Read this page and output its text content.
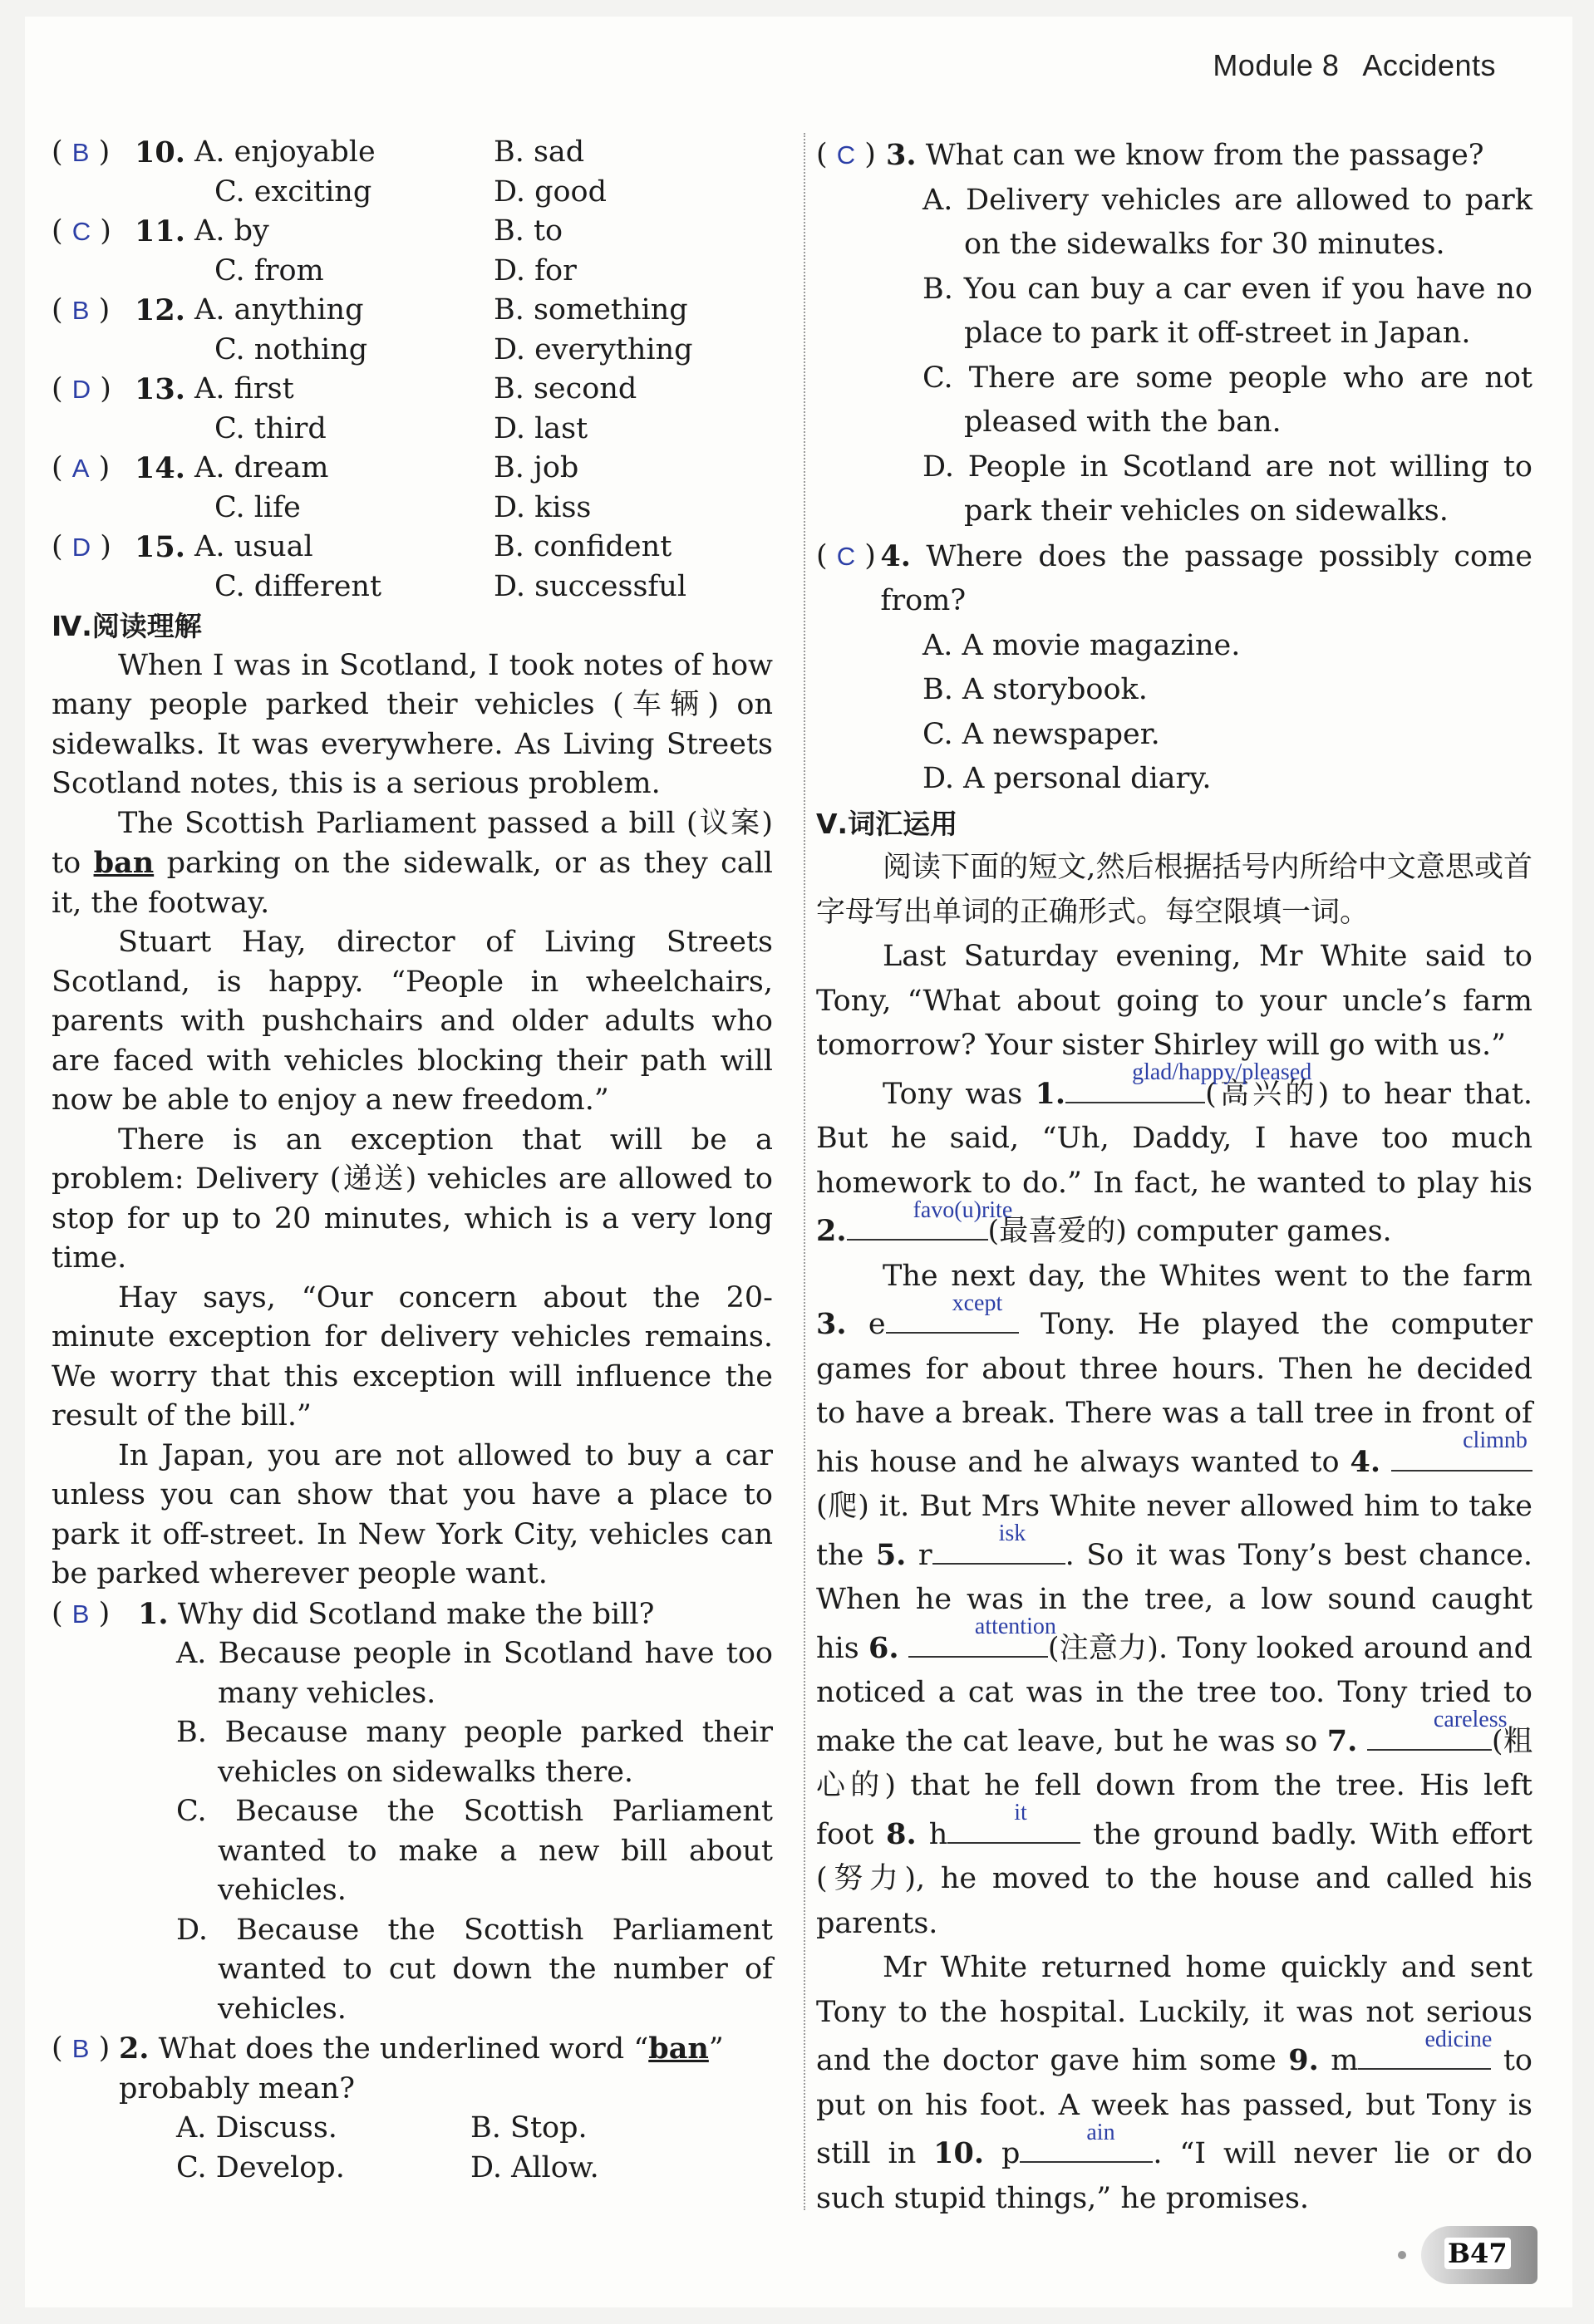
Module 8 Accidents
( B ) 10 .
A. enjoyable	B. sad
C. exciting	D. good
( C ) 11 .
A. by	B. to
C. from	D. for
( B ) 12 .
A. anything	B. something
C. nothing	D. everything
( D ) 13 .
A. first	B. second
C. third	D. last
( A ) 14 .
A. dream	B. job
C. life	D. kiss
( D ) 15 .
A. usual	B. confident
C. different	D. successful

Ⅳ.阅读理解

When I was in Scotland, I took notes of how many people parked their vehicles (车辆) on sidewalks. It was everywhere. As Living Streets Scotland notes, this is a serious problem.

The Scottish Parliament passed a bill (议案) to ban parking on the sidewalk, or as they call it, the footway.

Stuart Hay, director of Living Streets Scotland, is happy. “People in wheelchairs, parents with pushchairs and older adults who are faced with vehicles blocking their path will now be able to enjoy a new freedom.”

There is an exception that will be a problem: Delivery (递送) vehicles are allowed to stop for up to 20 minutes, which is a very long time.

Hay says, “Our concern about the 20-minute exception for delivery vehicles remains. We worry that this exception will influence the result of the bill.”

In Japan, you are not allowed to buy a car unless you can show that you have a place to park it off-street. In New York City, vehicles can be parked wherever people want.

( B ) 1. Why did Scotland make the bill?

A. Because people in Scotland have too many vehicles.

B. Because many people parked their vehicles on sidewalks there.

C. Because the Scottish Parliament wanted to make a new bill about vehicles.

D. Because the Scottish Parliament wanted to cut down the number of vehicles.

( B ) 2. What does the underlined word “ban” probably mean?
A. Discuss.	B. Stop.
C. Develop.	D. Allow.
( C ) 3. What can we know from the passage?

A. Delivery vehicles are allowed to park on the sidewalks for 30 minutes.

B. You can buy a car even if you have no place to park it off-street in Japan.

C. There are some people who are not pleased with the ban.

D. People in Scotland are not willing to park their vehicles on sidewalks.

( C ) 4. Where does the passage possibly come from?

A. A movie magazine.

B. A storybook.

C. A newspaper.

D. A personal diary.

Ⅴ.词汇运用

阅读下面的短文,然后根据括号内所给中文意思或首字母写出单词的正确形式。每空限填一词。

Last Saturday evening, Mr White said to Tony, “What about going to your uncle’s farm tomorrow? Your sister Shirley will go with us.”

Tony was 1.
glad/happy/pleased
(高兴的) to hear that. But he said, “Uh, Daddy, I have too much homework to do.” In fact, he wanted to play his 2.
favo(u)rite
(最喜爱的) computer games.

The next day, the Whites went to the farm 3. e
xcept
Tony. He played the computer games for about three hours. Then he decided to have a break. There was a tall tree in front of his house and he always wanted to 4.
climnb
(爬) it. But Mrs White never allowed him to take the 5. r
isk
. So it was Tony’s best chance. When he was in the tree, a low sound caught his 6.
attention
(注意力). Tony looked around and noticed a cat was in the tree too. Tony tried to make the cat leave, but he was so 7.
careless
(粗心的) that he fell down from the tree. His left foot 8. h
it
the ground badly. With effort (努力), he moved to the house and called his parents.

Mr White returned home quickly and sent Tony to the hospital. Luckily, it was not serious and the doctor gave him some 9. m
edicine
to put on his foot. A week has passed, but Tony is still in 10. p
ain
. “I will never lie or do such stupid things,” he promises.

B47
